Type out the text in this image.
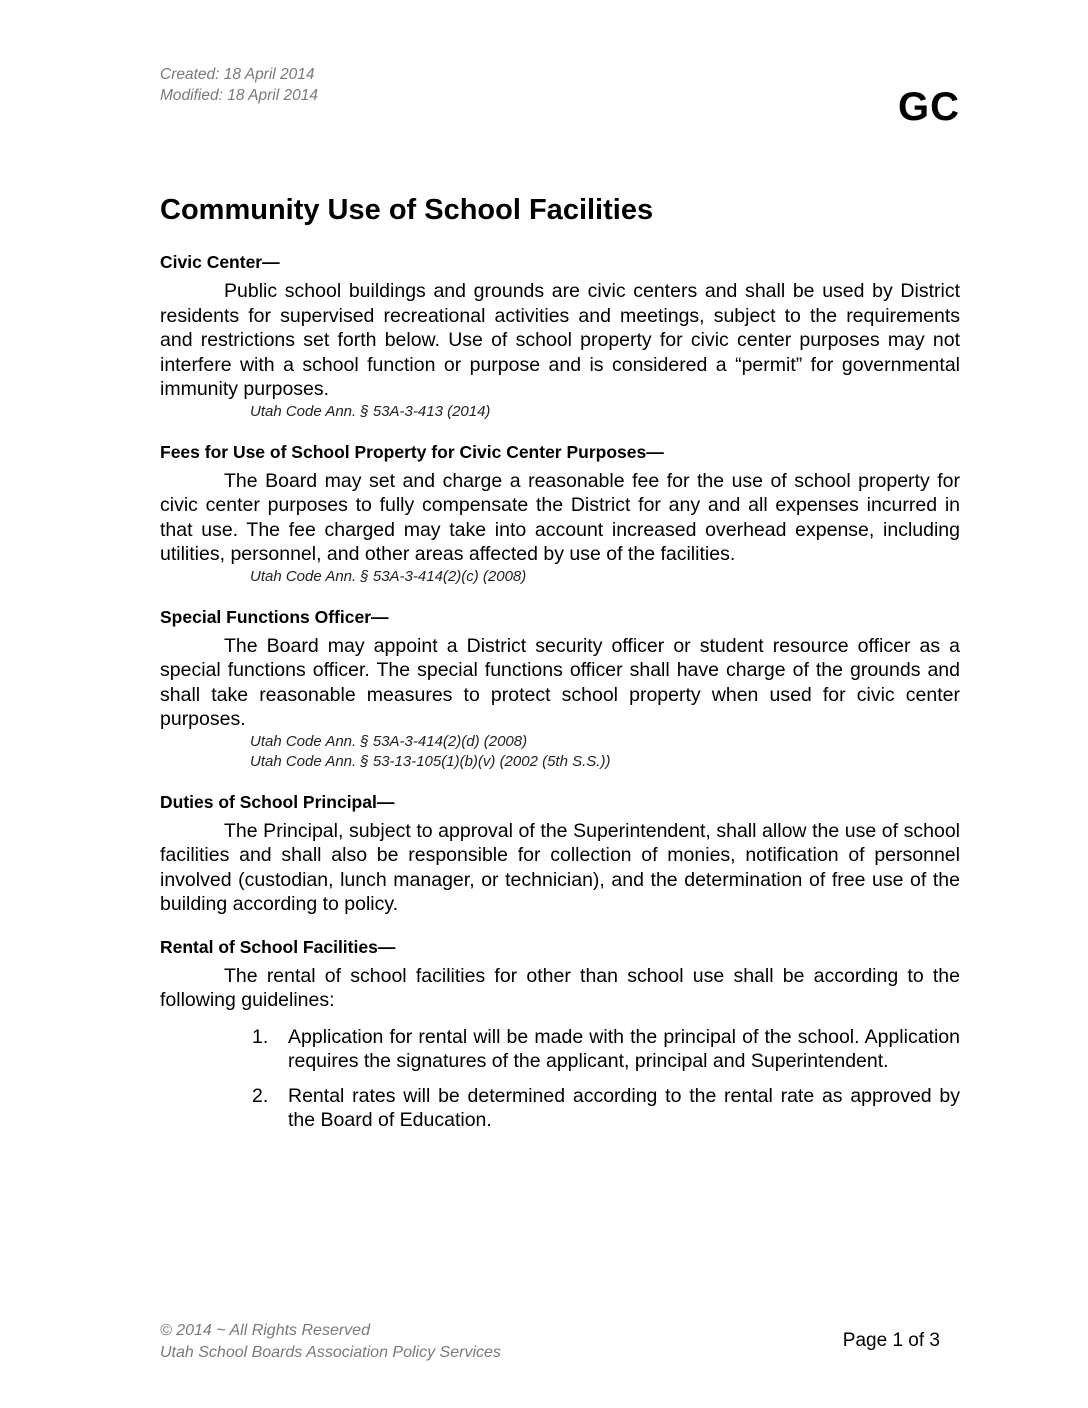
Created: 18 April 2014
Modified: 18 April 2014	GC
Community Use of School Facilities
Civic Center—

Public school buildings and grounds are civic centers and shall be used by District residents for supervised recreational activities and meetings, subject to the requirements and restrictions set forth below. Use of school property for civic center purposes may not interfere with a school function or purpose and is considered a “permit” for governmental immunity purposes.

Utah Code Ann. § 53A-3-413 (2014)
Fees for Use of School Property for Civic Center Purposes—

The Board may set and charge a reasonable fee for the use of school property for civic center purposes to fully compensate the District for any and all expenses incurred in that use. The fee charged may take into account increased overhead expense, including utilities, personnel, and other areas affected by use of the facilities.

Utah Code Ann. § 53A-3-414(2)(c) (2008)
Special Functions Officer—

The Board may appoint a District security officer or student resource officer as a special functions officer. The special functions officer shall have charge of the grounds and shall take reasonable measures to protect school property when used for civic center purposes.

Utah Code Ann. § 53A-3-414(2)(d) (2008)
Utah Code Ann. § 53-13-105(1)(b)(v) (2002 (5th S.S.))
Duties of School Principal—

The Principal, subject to approval of the Superintendent, shall allow the use of school facilities and shall also be responsible for collection of monies, notification of personnel involved (custodian, lunch manager, or technician), and the determination of free use of the building according to policy.

Rental of School Facilities—

The rental of school facilities for other than school use shall be according to the following guidelines:

1. Application for rental will be made with the principal of the school. Application requires the signatures of the applicant, principal and Superintendent.
2. Rental rates will be determined according to the rental rate as approved by the Board of Education.
© 2014 ~ All Rights Reserved
Utah School Boards Association Policy Services
Page 1 of 3
